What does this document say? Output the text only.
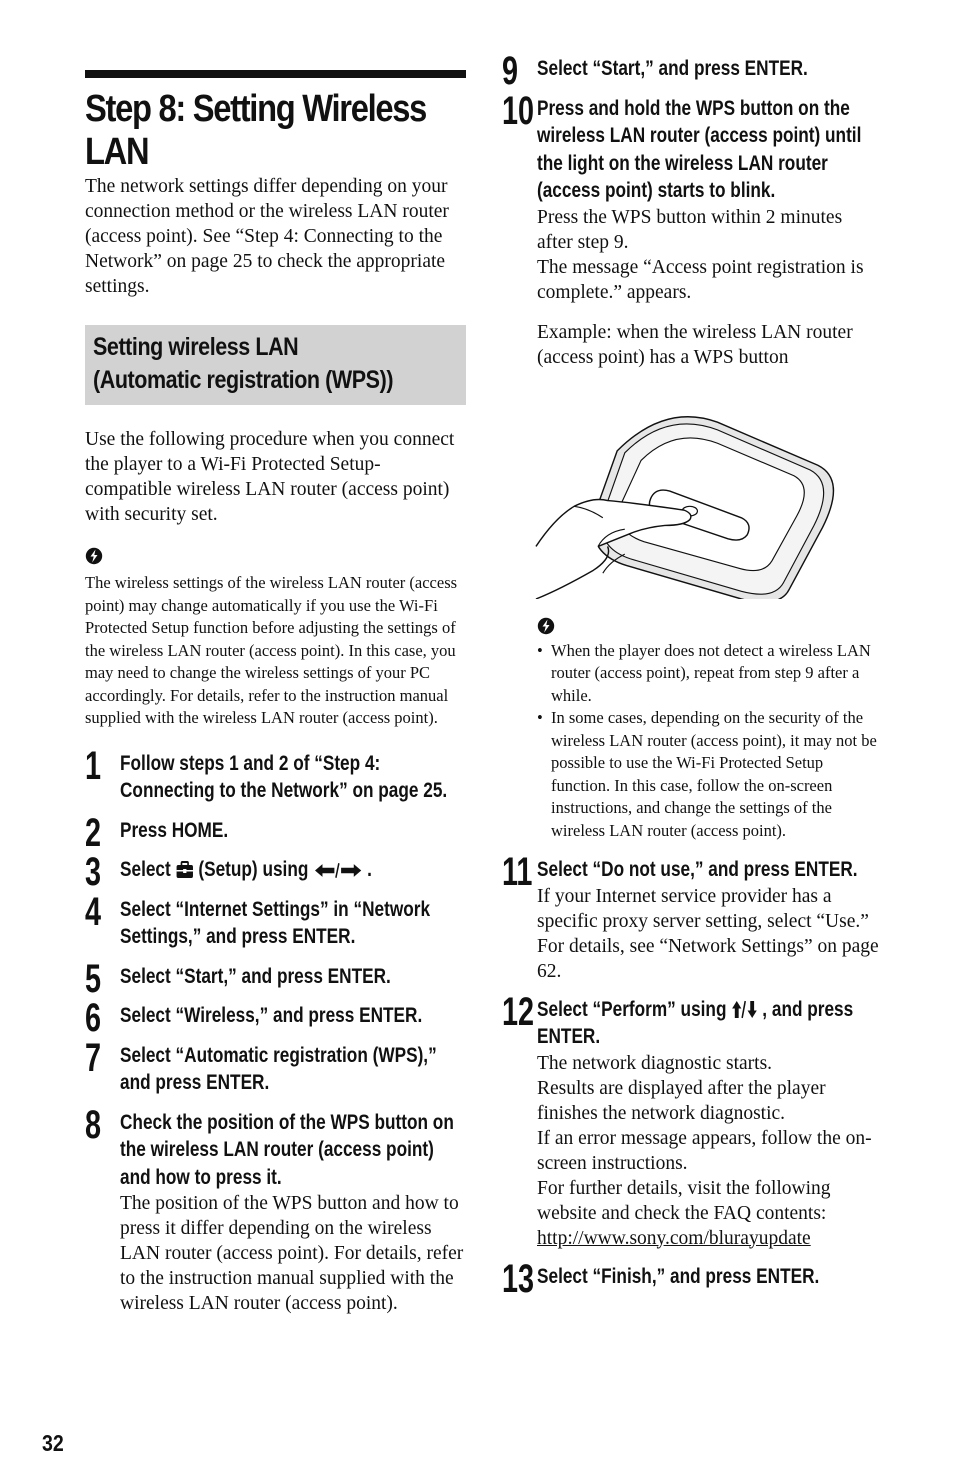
Step 8: Setting Wireless LAN

The network settings differ depending on your connection method or the wireless LAN router (access point). See “Step 4: Connecting to the Network” on page 25 to check the appropriate settings.

Setting wireless LAN
(Automatic registration (WPS))

Use the following procedure when you connect the player to a Wi-Fi Protected Setup-compatible wireless LAN router (access point) with security set.

The wireless settings of the wireless LAN router (access point) may change automatically if you use the Wi-Fi Protected Setup function before adjusting the settings of the wireless LAN router (access point). In this case, you may need to change the wireless settings of your PC accordingly. For details, refer to the instruction manual supplied with the wireless LAN router (access point).

1 Follow steps 1 and 2 of “Step 4: Connecting to the Network” on page 25.
2 Press HOME.
3 Select (Setup) using	.
4 Select “Internet Settings” in “Network Settings,” and press ENTER.
5 Select “Start,” and press ENTER.
6 Select “Wireless,” and press ENTER.
7 Select “Automatic registration (WPS),” and press ENTER.
8 Check the position of the WPS button on the wireless LAN router (access point) and how to press it.
The position of the WPS button and how to press it differ depending on the wireless LAN router (access point). For details, refer to the instruction manual supplied with the wireless LAN router (access point).
9 Select “Start,” and press ENTER.
10 Press and hold the WPS button on the wireless LAN router (access point) until the light on the wireless LAN router (access point) starts to blink.
Press the WPS button within 2 minutes after step 9.
The message “Access point registration is complete.” appears.
Example: when the wireless LAN router (access point) has a WPS button
• When the player does not detect a wireless LAN router (access point), repeat from step 9 after a while.
• In some cases, depending on the security of the wireless LAN router (access point), it may not be possible to use the Wi-Fi Protected Setup function. In this case, follow the on-screen instructions, and change the settings of the wireless LAN router (access point).
11 Select “Do not use,” and press ENTER.
If your Internet service provider has a specific proxy server setting, select “Use.” For details, see “Network Settings” on page 62.
12 Select “Perform” using , and press ENTER.
The network diagnostic starts.
Results are displayed after the player finishes the network diagnostic.
If an error message appears, follow the on-screen instructions.
For further details, visit the following website and check the FAQ contents:
http://www.sony.com/blurayupdate
13 Select “Finish,” and press ENTER.
32
